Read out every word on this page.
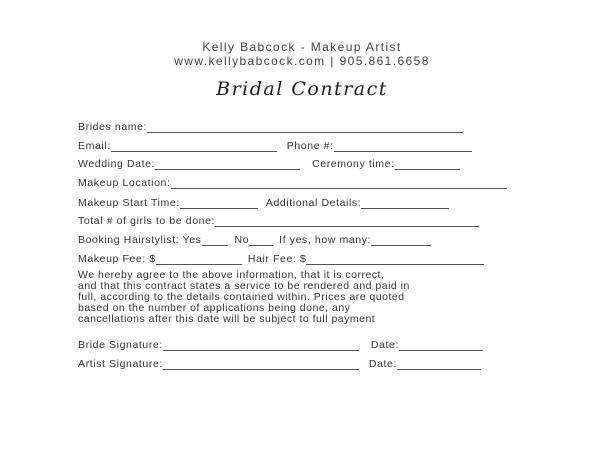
Kelly Babcock - Makeup Artist
www.kellybabcock.com | 905.861.6658
Bridal Contract
Brides name:
Email:	Phone #:
Wedding Date:	Ceremony time:
Makeup Location:
Makeup Start Time:	Additional Details:
Total # of girls to be done:
Booking Hairstylist: Yes	No	If yes, how many:
Makeup Fee: $	Hair Fee: $
We hereby agree to the above information, that it is correct,
and that this contract states a service to be rendered and paid in
full, according to the details contained within. Prices are quoted
based on the number of applications being done, any
cancellations after this date will be subject to full payment
Bride Signature:	Date:
Artist Signature:	Date:
